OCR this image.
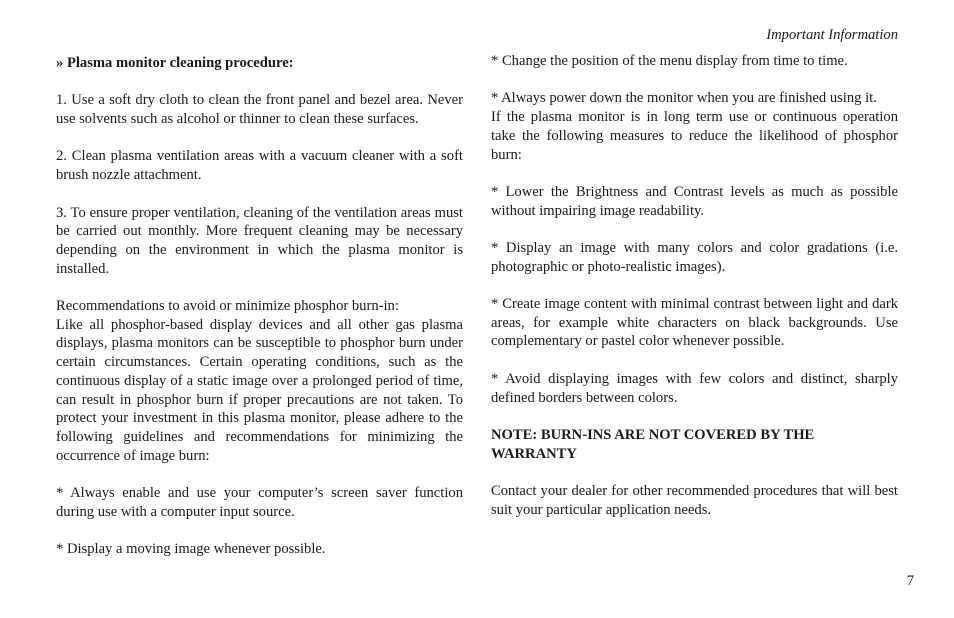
Important Information

» Plasma monitor cleaning procedure:

1. Use a soft dry cloth to clean the front panel and bezel area. Never use solvents such as alcohol or thinner to clean these surfaces.

2. Clean plasma ventilation areas with a vacuum cleaner with a soft brush nozzle attachment.

3. To ensure proper ventilation, cleaning of the ventilation areas must be carried out monthly. More frequent cleaning may be necessary depending on the environment in which the plasma monitor is installed.

Recommendations to avoid or minimize phosphor burn-in:

Like all phosphor-based display devices and all other gas plasma displays, plasma monitors can be susceptible to phosphor burn under certain circumstances. Certain operating conditions, such as the continuous display of a static image over a prolonged period of time, can result in phosphor burn if proper precautions are not taken. To protect your investment in this plasma monitor, please adhere to the following guidelines and recommendations for minimizing the occurrence of image burn:

* Always enable and use your computer’s screen saver function during use with a computer input source.

* Display a moving image whenever possible.

* Change the position of the menu display from time to time.

* Always power down the monitor when you are finished using it.

If the plasma monitor is in long term use or continuous operation take the following measures to reduce the likelihood of phosphor burn:

* Lower the Brightness and Contrast levels as much as possible without impairing image readability.

* Display an image with many colors and color gradations (i.e. photographic or photo-realistic images).

* Create image content with minimal contrast between light and dark areas, for example white characters on black backgrounds. Use complementary or pastel color whenever possible.

* Avoid displaying images with few colors and distinct, sharply defined borders between colors.

NOTE: BURN-INS ARE NOT COVERED BY THE WARRANTY

Contact your dealer for other recommended procedures that will best suit your particular application needs.

7
